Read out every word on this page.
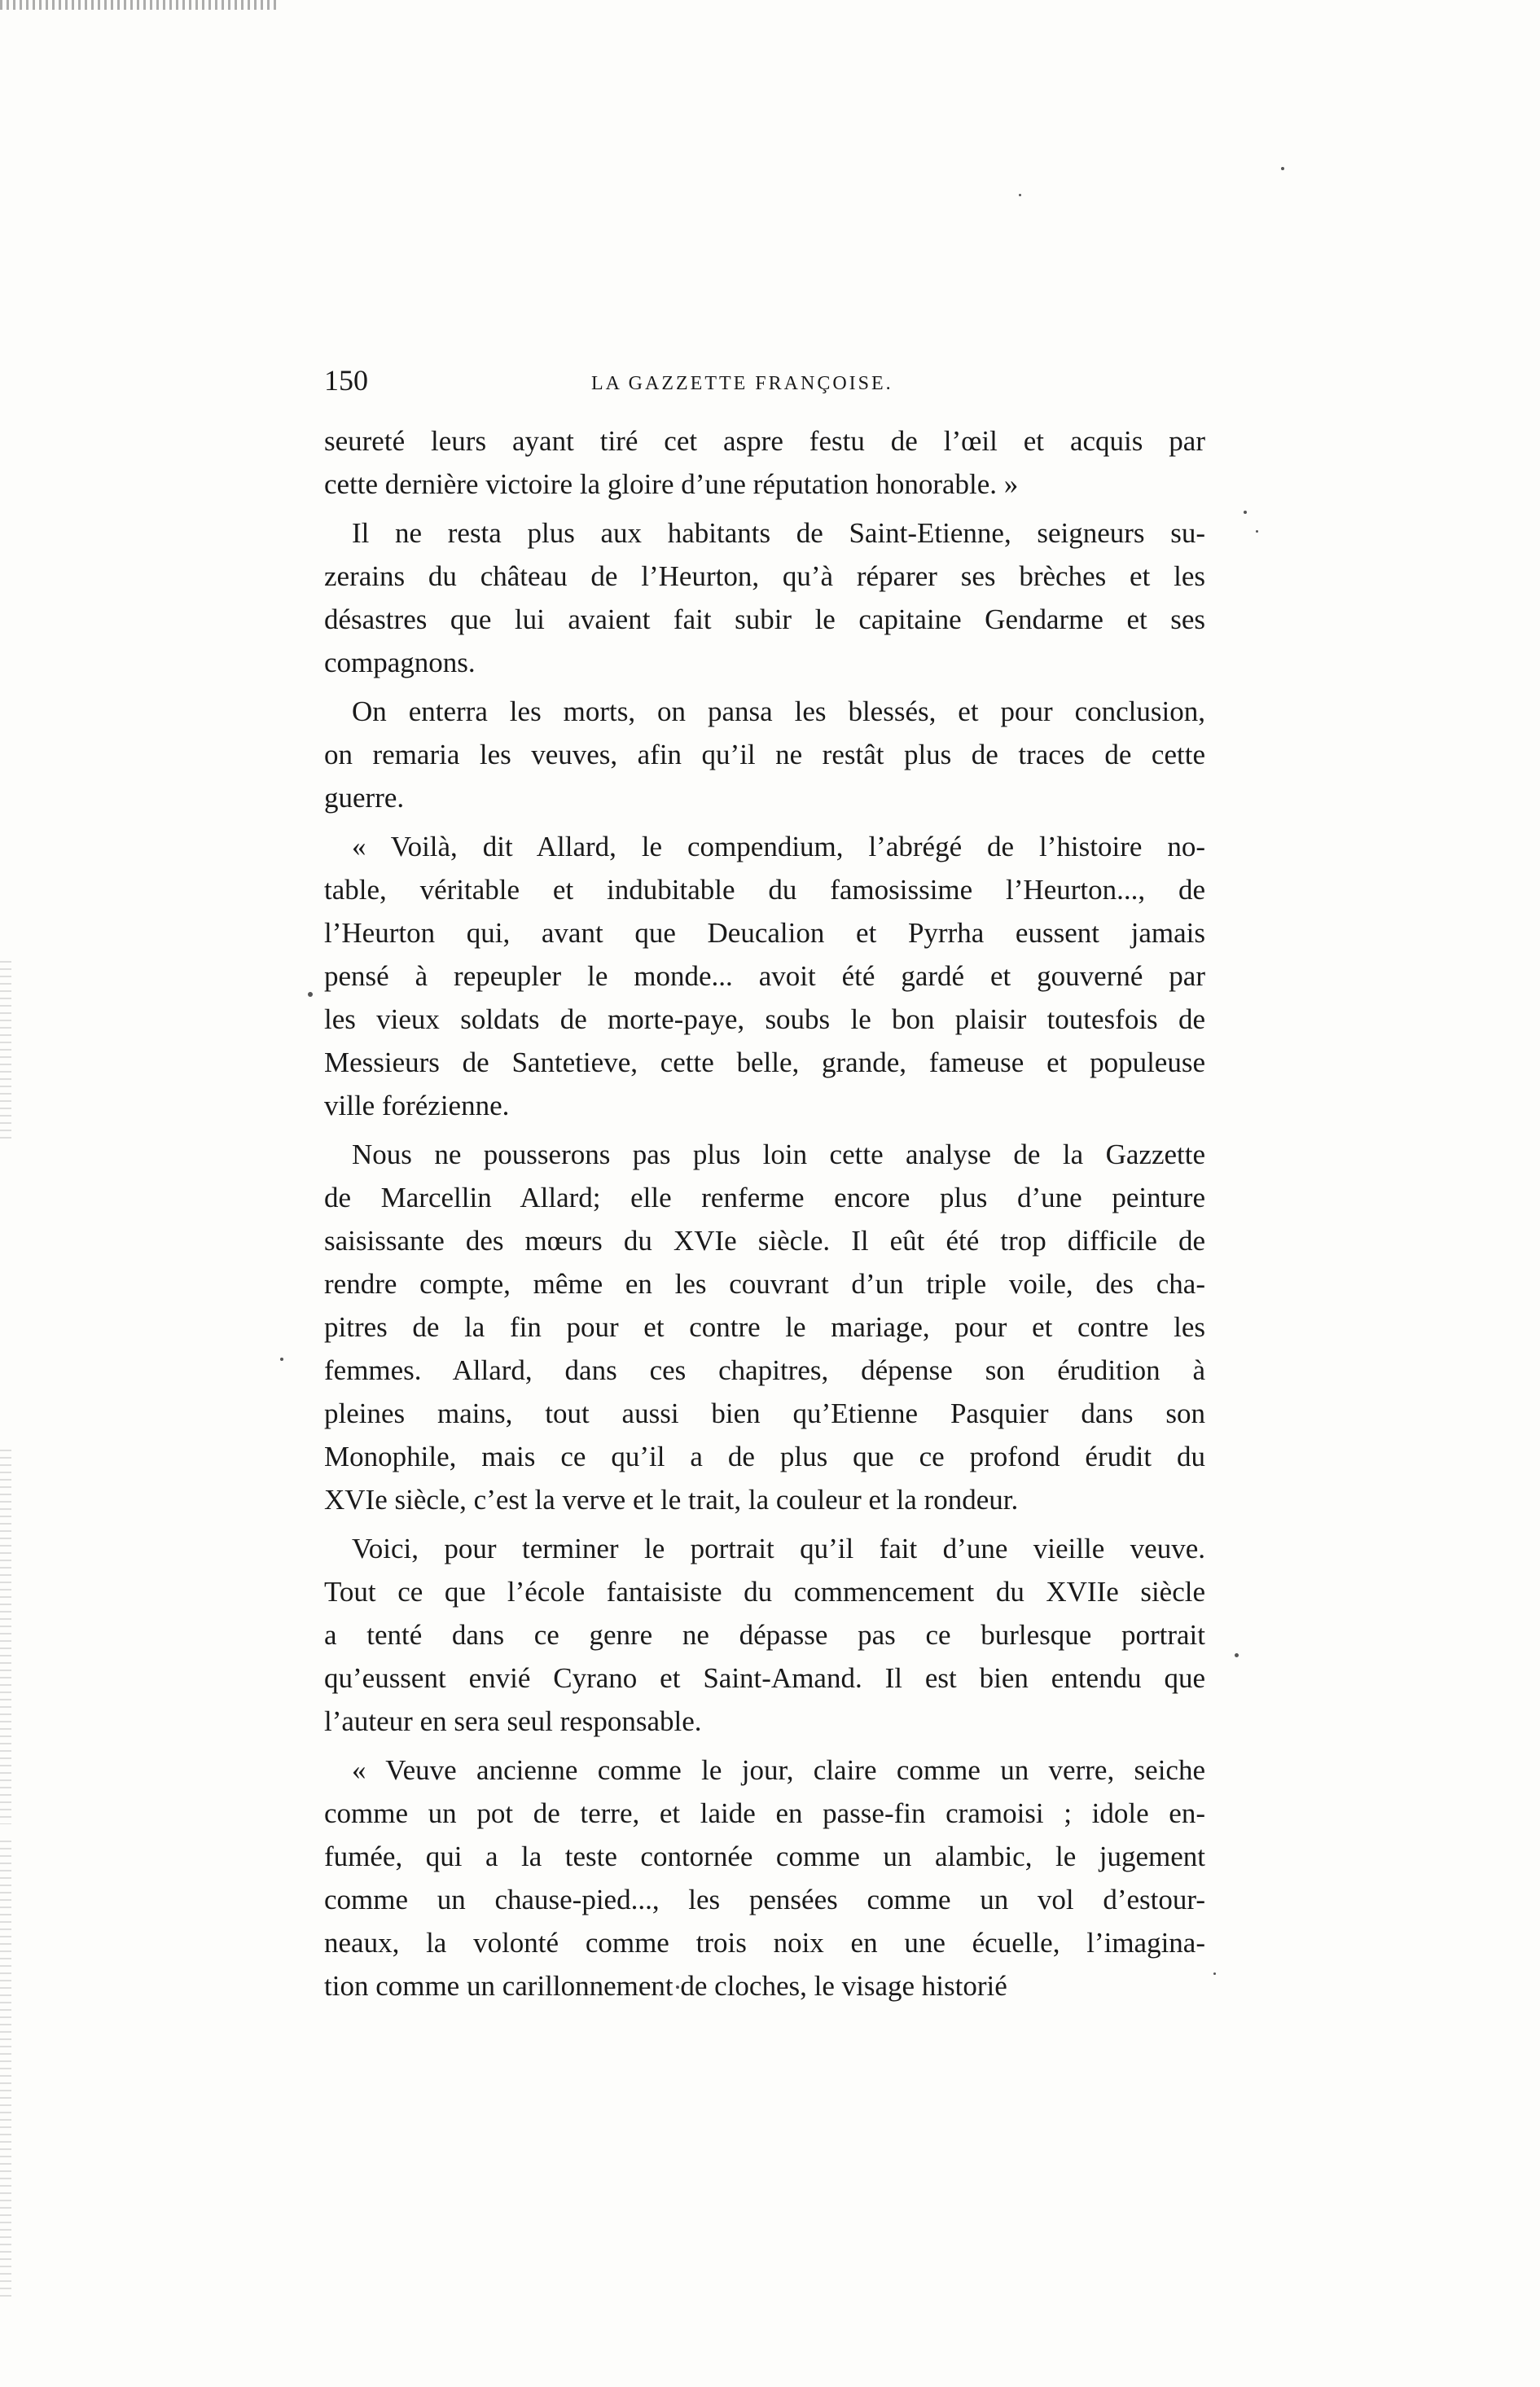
150	LA GAZZETTE FRANÇOISE.
seureté leurs ayant tiré cet aspre festu de l’œil et acquis par
cette dernière victoire la gloire d’une réputation honorable. »
Il ne resta plus aux habitants de Saint-Etienne, seigneurs su-
zerains du château de l’Heurton, qu’à réparer ses brèches et les
désastres que lui avaient fait subir le capitaine Gendarme et ses
compagnons.
On enterra les morts, on pansa les blessés, et pour conclusion,
on remaria les veuves, afin qu’il ne restât plus de traces de cette
guerre.
« Voilà, dit Allard, le compendium, l’abrégé de l’histoire no-
table, véritable et indubitable du famosissime l’Heurton..., de
l’Heurton qui, avant que Deucalion et Pyrrha eussent jamais
pensé à repeupler le monde... avoit été gardé et gouverné par
les vieux soldats de morte-paye, soubs le bon plaisir toutesfois de
Messieurs de Santetieve, cette belle, grande, fameuse et populeuse
ville forézienne.
Nous ne pousserons pas plus loin cette analyse de la Gazzette
de Marcellin Allard; elle renferme encore plus d’une peinture
saisissante des mœurs du XVIe siècle. Il eût été trop difficile de
rendre compte, même en les couvrant d’un triple voile, des cha-
pitres de la fin pour et contre le mariage, pour et contre les
femmes. Allard, dans ces chapitres, dépense son érudition à
pleines mains, tout aussi bien qu’Etienne Pasquier dans son
Monophile, mais ce qu’il a de plus que ce profond érudit du
XVIe siècle, c’est la verve et le trait, la couleur et la rondeur.
Voici, pour terminer le portrait qu’il fait d’une vieille veuve.
Tout ce que l’école fantaisiste du commencement du XVIIe siècle
a tenté dans ce genre ne dépasse pas ce burlesque portrait
qu’eussent envié Cyrano et Saint-Amand. Il est bien entendu que
l’auteur en sera seul responsable.
« Veuve ancienne comme le jour, claire comme un verre, seiche
comme un pot de terre, et laide en passe-fin cramoisi ; idole en-
fumée, qui a la teste contornée comme un alambic, le jugement
comme un chause-pied..., les pensées comme un vol d’estour-
neaux, la volonté comme trois noix en une écuelle, l’imagina-
tion comme un carillonnement de cloches, le visage historié
